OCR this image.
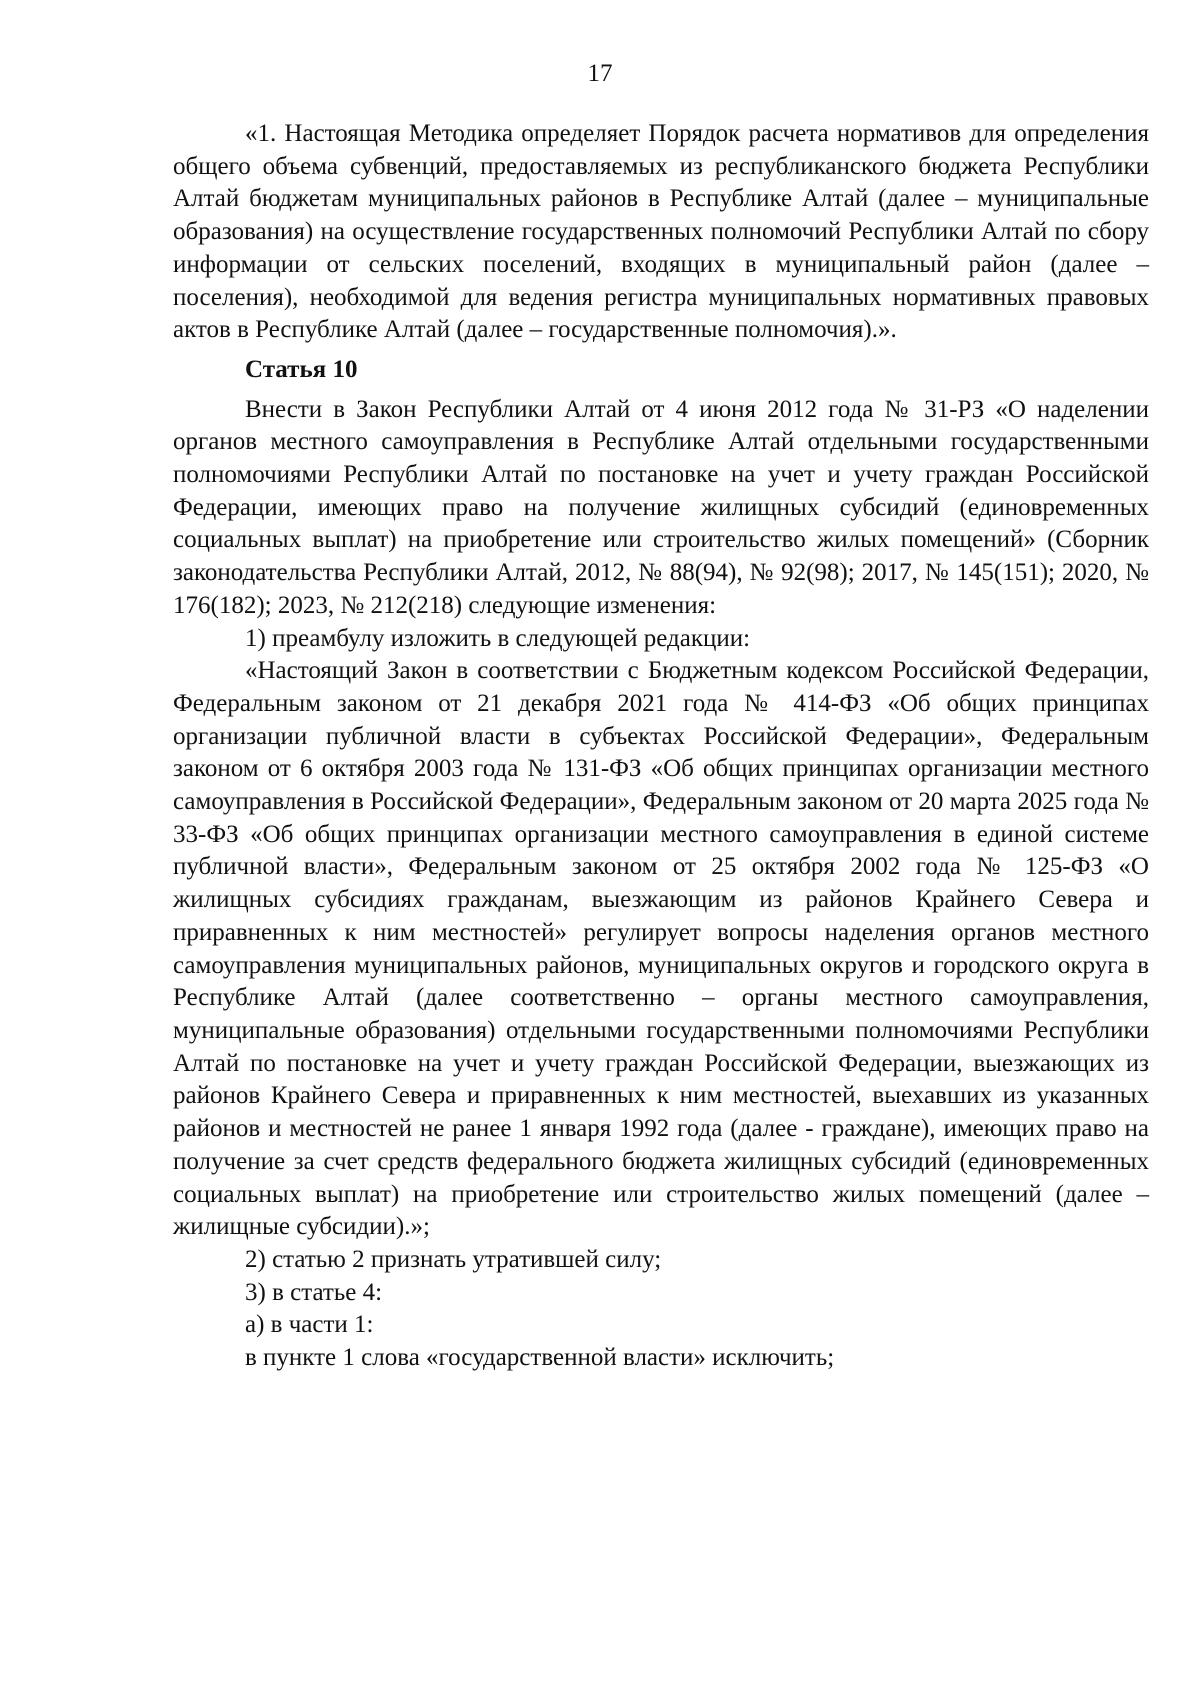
17

«1. Настоящая Методика определяет Порядок расчета нормативов для определения общего объема субвенций, предоставляемых из республиканского бюджета Республики Алтай бюджетам муниципальных районов в Республике Алтай (далее – муниципальные образования) на осуществление государственных полномочий Республики Алтай по сбору информации от сельских поселений, входящих в муниципальный район (далее – поселения), необходимой для ведения регистра муниципальных нормативных правовых актов в Республике Алтай (далее – государственные полномочия).».

Статья 10

Внести в Закон Республики Алтай от 4 июня 2012 года № 31-РЗ «О наделении органов местного самоуправления в Республике Алтай отдельными государственными полномочиями Республики Алтай по постановке на учет и учету граждан Российской Федерации, имеющих право на получение жилищных субсидий (единовременных социальных выплат) на приобретение или строительство жилых помещений» (Сборник законодательства Республики Алтай, 2012, № 88(94), № 92(98); 2017, № 145(151); 2020, № 176(182); 2023, № 212(218) следующие изменения:

1) преамбулу изложить в следующей редакции:

«Настоящий Закон в соответствии с Бюджетным кодексом Российской Федерации, Федеральным законом от 21 декабря 2021 года № 414-ФЗ «Об общих принципах организации публичной власти в субъектах Российской Федерации», Федеральным законом от 6 октября 2003 года № 131-ФЗ «Об общих принципах организации местного самоуправления в Российской Федерации», Федеральным законом от 20 марта 2025 года № 33-ФЗ «Об общих принципах организации местного самоуправления в единой системе публичной власти», Федеральным законом от 25 октября 2002 года № 125-ФЗ «О жилищных субсидиях гражданам, выезжающим из районов Крайнего Севера и приравненных к ним местностей» регулирует вопросы наделения органов местного самоуправления муниципальных районов, муниципальных округов и городского округа в Республике Алтай (далее соответственно – органы местного самоуправления, муниципальные образования) отдельными государственными полномочиями Республики Алтай по постановке на учет и учету граждан Российской Федерации, выезжающих из районов Крайнего Севера и приравненных к ним местностей, выехавших из указанных районов и местностей не ранее 1 января 1992 года (далее - граждане), имеющих право на получение за счет средств федерального бюджета жилищных субсидий (единовременных социальных выплат) на приобретение или строительство жилых помещений (далее – жилищные субсидии).»;

2) статью 2 признать утратившей силу;

3) в статье 4:

а) в части 1:

в пункте 1 слова «государственной власти» исключить;
